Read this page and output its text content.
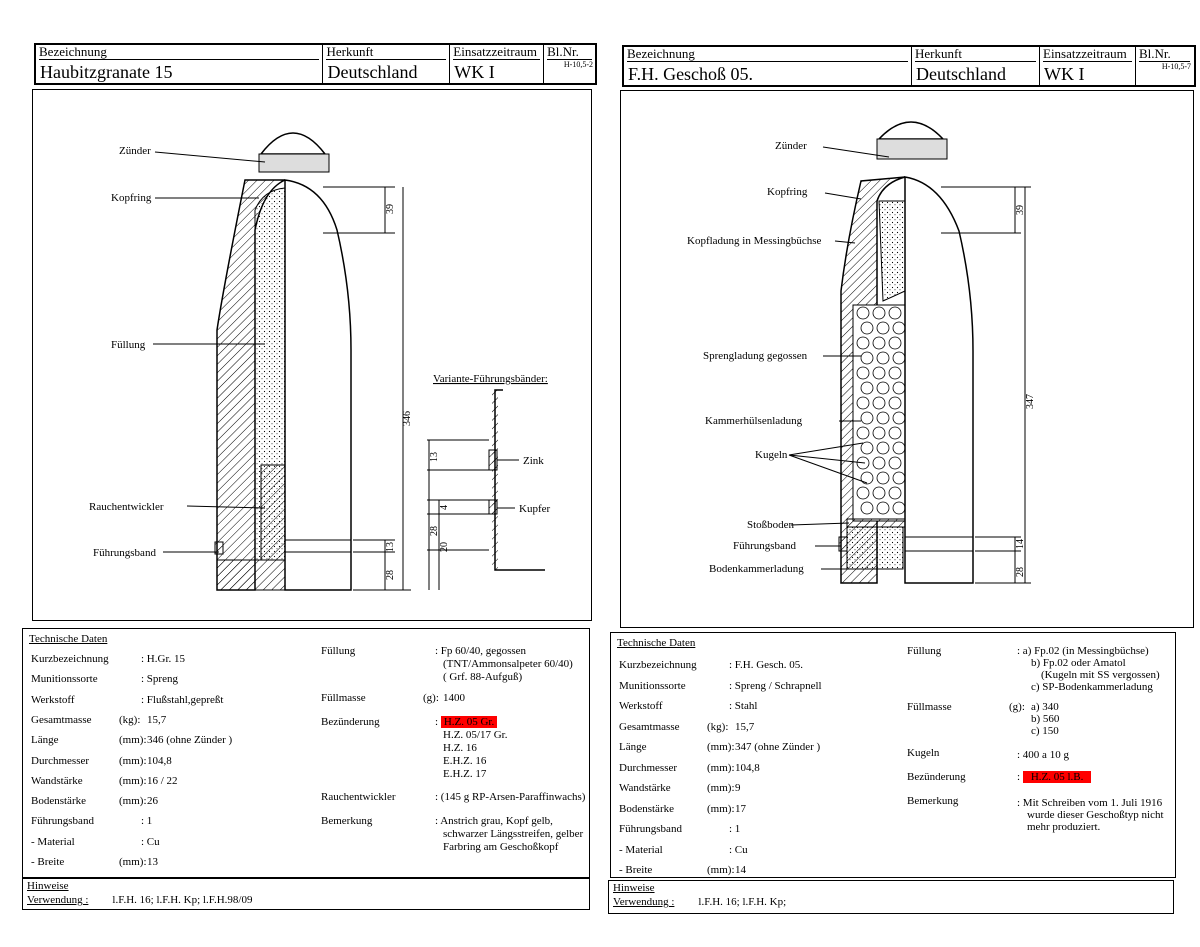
Bezeichnung
Haubitzgranate 15
Herkunft
Deutschland
Einsatzzeitraum
WK I
Bl.Nr.
H-10,5-2
Zünder
Kopfring
Füllung
Rauchentwickler
Führungsband
Variante-Führungsbänder:
Zink
Kupfer
39
346
13
28
13
4
28
20
Technische Daten
Füllung	: Fp 60/40, gegossen
(TNT/Ammonsalpeter 60/40)
( Grf. 88-Aufguß)
Füllmasse	(g): 1400
Bezünderung	: H.Z. 05 Gr.
H.Z. 05/17 Gr.
H.Z. 16
E.H.Z. 16
E.H.Z. 17
Rauchentwickler	: (145 g RP-Arsen-Paraffinwachs)
Bemerkung	: Anstrich grau, Kopf gelb,
schwarzer Längsstreifen, gelber
Farbring am Geschoßkopf
Kurzbezeichnung	: H.Gr. 15
Munitionssorte	: Spreng
Werkstoff	: Flußstahl,gepreßt
Gesamtmasse	(kg): 15,7
Länge	(mm): 346 (ohne Zünder )
Durchmesser	(mm): 104,8
Wandstärke	(mm): 16 / 22
Bodenstärke	(mm): 26
Führungsband	: 1
- Material	: Cu
- Breite	(mm): 13
Hinweise
Verwendung : l.F.H. 16; l.F.H. Kp; l.F.H.98/09
Bezeichnung
F.H. Geschoß 05.
Herkunft
Deutschland
Einsatzzeitraum
WK I
Bl.Nr.
H-10,5-7
Zünder
Kopfring
Kopfladung in Messingbüchse
Sprengladung gegossen
Kammerhülsenladung
Kugeln
Stoßboden
Führungsband
Bodenkammerladung
39
347
14
28
Technische Daten
Füllung	: a) Fp.02 (in Messingbüchse)
b) Fp.02 oder Amatol
(Kugeln mit SS vergossen)
c) SP-Bodenkammerladung
Füllmasse	(g): a) 340
b) 560
c) 150
Kugeln	: 400 a 10 g
Bezünderung	: H.Z. 05 l.B.
Bemerkung	: Mit Schreiben vom 1. Juli 1916
wurde dieser Geschoßtyp nicht
mehr produziert.
Kurzbezeichnung	: F.H. Gesch. 05.
Munitionssorte	: Spreng / Schrapnell
Werkstoff	: Stahl
Gesamtmasse	(kg): 15,7
Länge	(mm): 347 (ohne Zünder )
Durchmesser	(mm): 104,8
Wandstärke	(mm): 9
Bodenstärke	(mm): 17
Führungsband	: 1
- Material	: Cu
- Breite	(mm): 14
Hinweise
Verwendung : l.F.H. 16; l.F.H. Kp;
